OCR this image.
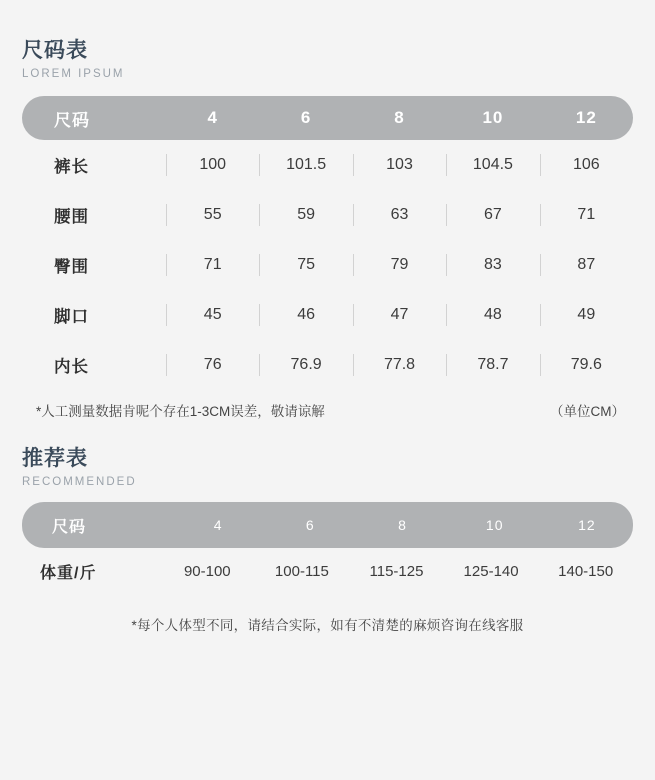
尺码表
LOREM IPSUM
尺码	4	6	8	10	12
裤长	100	101.5	103	104.5	106
腰围	55	59	63	67	71
臀围	71	75	79	83	87
脚口	45	46	47	48	49
内长	76	76.9	77.8	78.7	79.6
*人工测量数据肯呢个存在1-3CM误差，敬请谅解	（单位CM）
推荐表
RECOMMENDED
尺码	4	6	8	10	12
体重/斤	90-100	100-115	115-125	125-140	140-150
*每个人体型不同，请结合实际，如有不清楚的麻烦咨询在线客服
